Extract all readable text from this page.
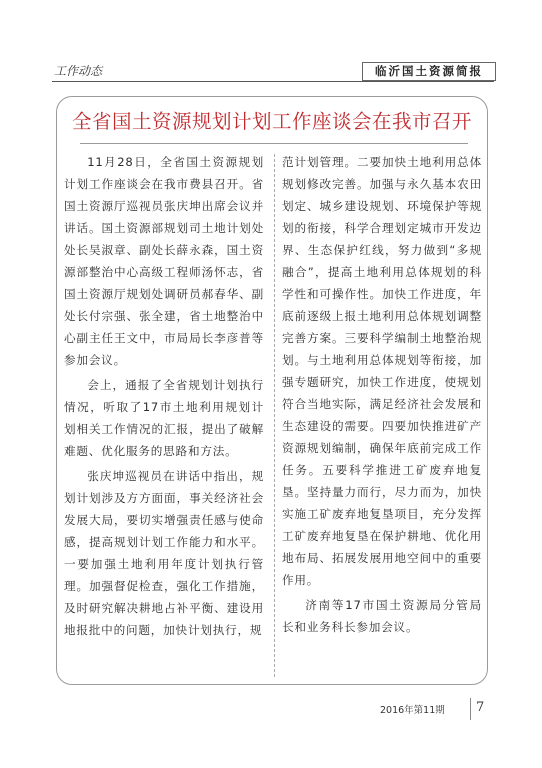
工作动态	临沂国土资源简报
全省国土资源规划计划工作座谈会在我市召开

11月28日，全省国土资源规划计划工作座谈会在我市费县召开。省国土资源厅巡视员张庆坤出席会议并讲话。国土资源部规划司土地计划处处长吴淑章、副处长薛永森，国土资源部整治中心高级工程师汤怀志，省国土资源厅规划处调研员郝春华、副处长付宗强、张全建，省土地整治中心副主任王文中，市局局长李彦普等参加会议。

会上，通报了全省规划计划执行情况，听取了17市土地利用规划计划相关工作情况的汇报，提出了破解难题、优化服务的思路和方法。

张庆坤巡视员在讲话中指出，规划计划涉及方方面面，事关经济社会发展大局，要切实增强责任感与使命感，提高规划计划工作能力和水平。一要加强土地利用年度计划执行管理。加强督促检查，强化工作措施，及时研究解决耕地占补平衡、建设用地报批中的问题，加快计划执行，规

范计划管理。二要加快土地利用总体规划修改完善。加强与永久基本农田划定、城乡建设规划、环境保护等规划的衔接，科学合理划定城市开发边界、生态保护红线，努力做到“多规融合”，提高土地利用总体规划的科学性和可操作性。加快工作进度，年底前逐级上报土地利用总体规划调整完善方案。三要科学编制土地整治规划。与土地利用总体规划等衔接，加强专题研究，加快工作进度，使规划符合当地实际，满足经济社会发展和生态建设的需要。四要加快推进矿产资源规划编制，确保年底前完成工作任务。五要科学推进工矿废弃地复垦。坚持量力而行，尽力而为，加快实施工矿废弃地复垦项目，充分发挥工矿废弃地复垦在保护耕地、优化用地布局、拓展发展用地空间中的重要作用。

济南等17市国土资源局分管局长和业务科长参加会议。

2016年第11期 7
